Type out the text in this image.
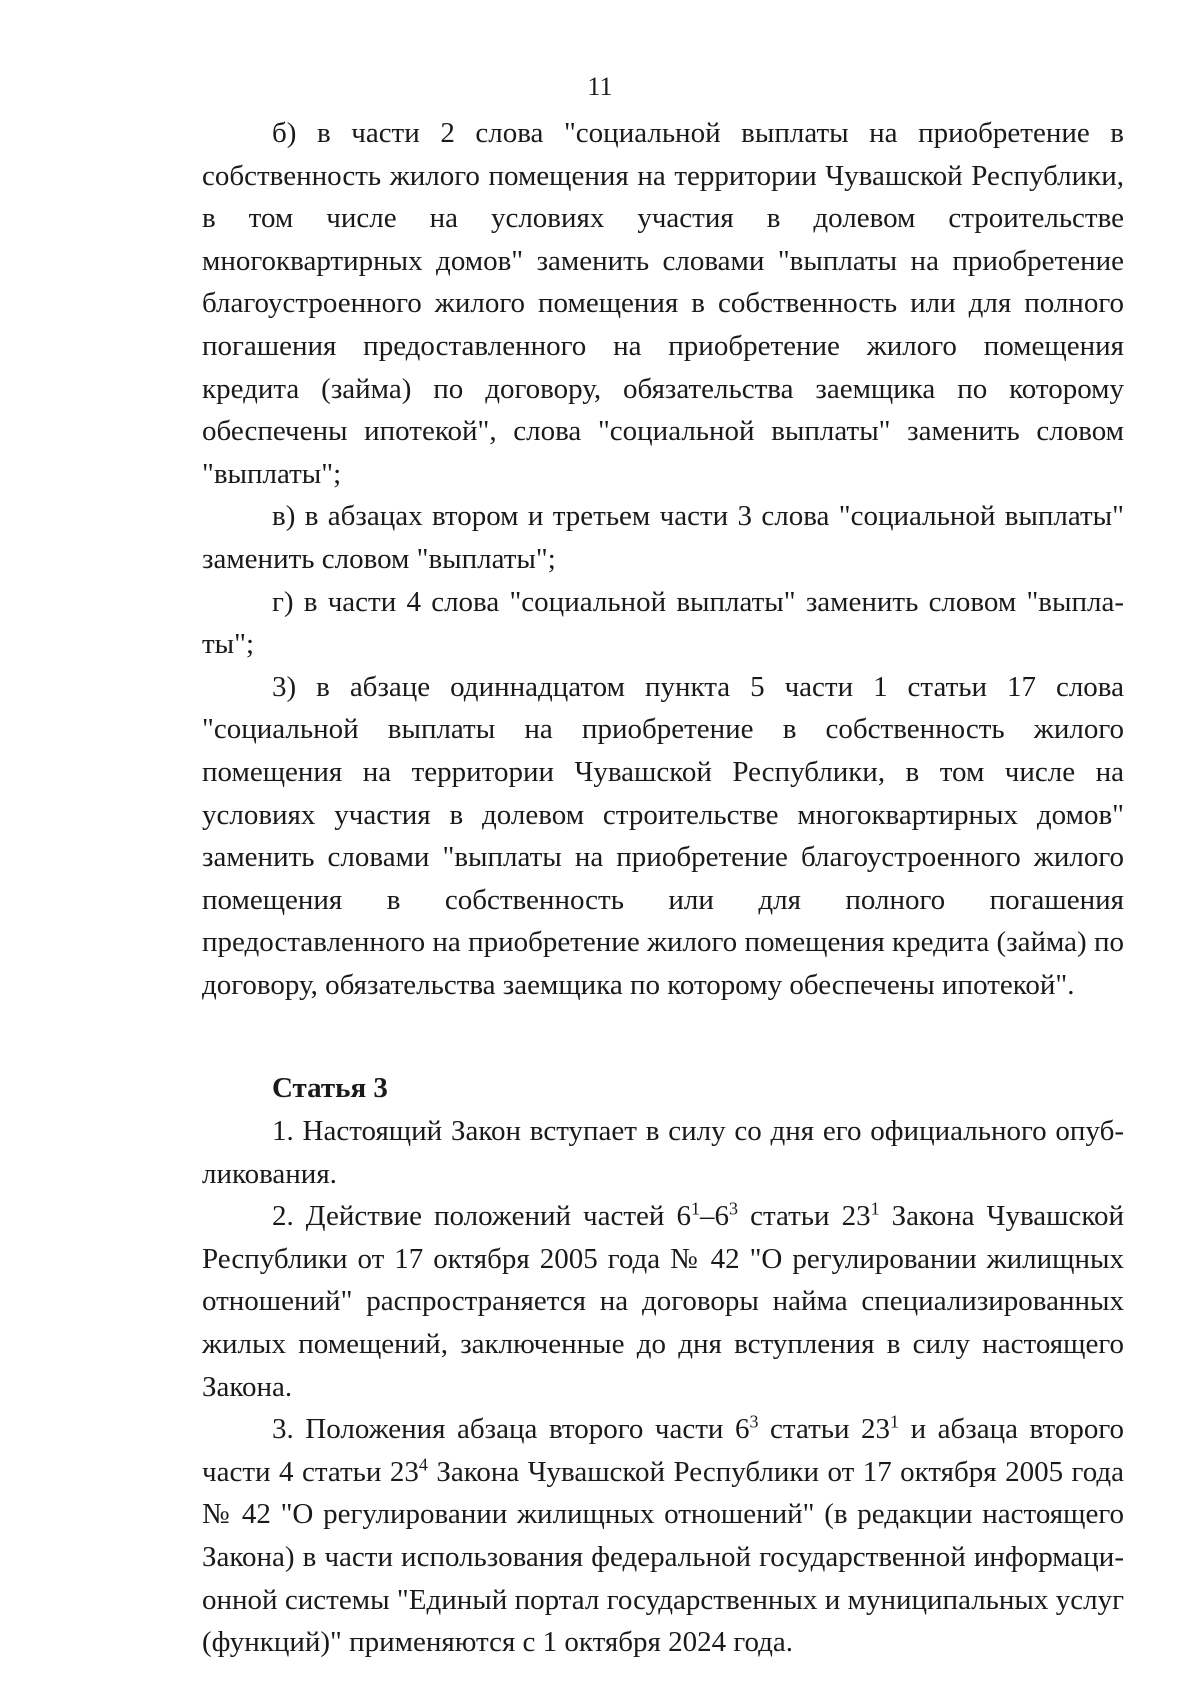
11

б) в части 2 слова "социальной выплаты на приобретение в собственность жилого помещения на территории Чувашской Республики, в том числе на условиях участия в долевом строительстве многоквартирных домов" заменить словами "выплаты на приобретение благоустроенного жилого помещения в собственность или для полного погашения предоставленного на приобретение жилого помещения кредита (займа) по договору, обязательства заемщика по которому обеспечены ипотекой", слова "социальной выплаты" заменить словом "выплаты";

в) в абзацах втором и третьем части 3 слова "социальной выплаты" заменить словом "выплаты";

г) в части 4 слова "социальной выплаты" заменить словом "выплаты";

3) в абзаце одиннадцатом пункта 5 части 1 статьи 17 слова "социальной выплаты на приобретение в собственность жилого помещения на территории Чувашской Республики, в том числе на условиях участия в долевом строительстве многоквартирных домов" заменить словами "выплаты на приобретение благоустроенного жилого помещения в собственность или для полного погашения предоставленного на приобретение жилого помещения кредита (займа) по договору, обязательства заемщика по которому обеспечены ипотекой".

Статья 3

1. Настоящий Закон вступает в силу со дня его официального опубликования.

2. Действие положений частей $6^1-6^3$ статьи $23^1$ Закона Чувашской Республики от 17 октября 2005 года № 42 "О регулировании жилищных отношений" распространяется на договоры найма специализированных жилых помещений, заключенные до дня вступления в силу настоящего Закона.

3. Положения абзаца второго части $6^3$ статьи $23^1$ и абзаца второго части 4 статьи $23^4$ Закона Чувашской Республики от 17 октября 2005 года № 42 "О регулировании жилищных отношений" (в редакции настоящего Закона) в части использования федеральной государственной информационной системы "Единый портал государственных и муниципальных услуг (функций)" применяются с 1 октября 2024 года.
